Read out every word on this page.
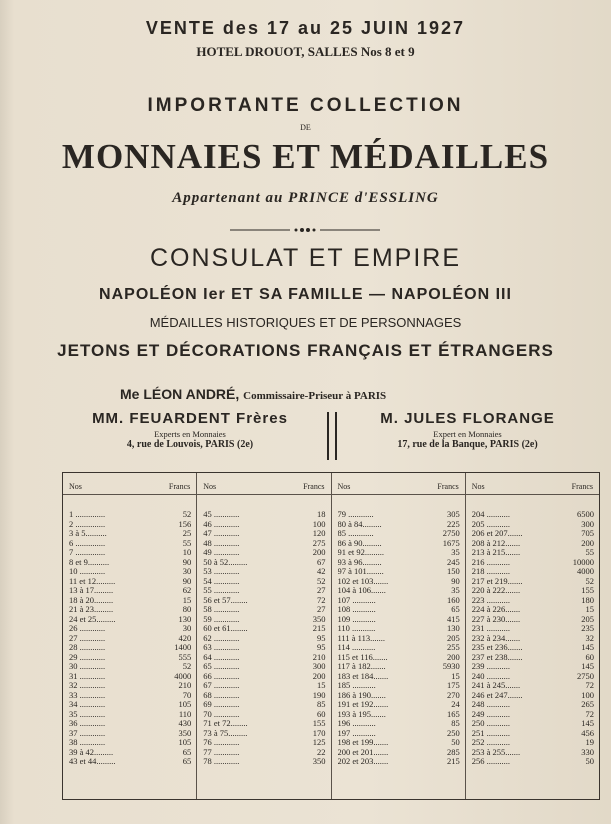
VENTE des 17 au 25 JUIN 1927
HOTEL DROUOT, SALLES Nos 8 et 9
IMPORTANTE COLLECTION
DE
MONNAIES ET MÉDAILLES
Appartenant au PRINCE d'ESSLING
CONSULAT ET EMPIRE
NAPOLÉON Ier ET SA FAMILLE — NAPOLÉON III
MÉDAILLES HISTORIQUES ET DE PERSONNAGES
JETONS ET DÉCORATIONS FRANÇAIS ET ÉTRANGERS
Me LÉON ANDRÉ, Commissaire-Priseur à PARIS
MM. FEUARDENT Frères
Experts en Monnaies
4, rue de Louvois, PARIS (2e)
M. JULES FLORANGE
Expert en Monnaies
17, rue de la Banque, PARIS (2e)
Nos	Francs
1 ..............	52
2 ..............	156
3 à 5..........	25
6 ..............	55
7 ..............	10
8 et 9..........	90
10 ............	30
11 et 12.........	90
13 à 17.........	62
18 à 20.........	15
21 à 23.........	80
24 et 25.........	130
26 ............	30
27 ............	420
28 ............	1400
29 ............	555
30 ............	52
31 ............	4000
32 ............	210
33 ............	70
34 ............	105
35 ............	110
36 ............	430
37 ............	350
38 ............	105
39 à 42.........	65
43 et 44.........	65
Nos	Francs
45 ............	18
46 ............	100
47 ............	120
48 ............	275
49 ............	200
50 à 52.........	67
53 ............	42
54 ............	52
55 ............	27
56 et 57........	72
58 ............	27
59 ............	350
60 et 61........	215
62 ............	95
63 ............	95
64 ............	210
65 ............	300
66 ............	200
67 ............	15
68 ............	190
69 ............	85
70 ............	60
71 et 72........	155
73 à 75.........	170
76 ............	125
77 ............	22
78 ............	350
Nos	Francs
79 ............	305
80 à 84.........	225
85 ............	2750
86 à 90.........	1675
91 et 92.........	35
93 à 96.........	245
97 à 101........	150
102 et 103.......	90
104 à 106.......	35
107 ...........	160
108 ...........	65
109 ...........	415
110 ...........	130
111 à 113.......	205
114 ...........	255
115 et 116.......	200
117 à 182.......	5930
183 et 184.......	15
185 ...........	175
186 à 190.......	270
191 et 192.......	24
193 à 195.......	165
196 ...........	85
197 ...........	250
198 et 199.......	50
200 et 201.......	285
202 et 203.......	215
Nos	Francs
204 ...........	6500
205 ...........	300
206 et 207.......	705
208 à 212.......	200
213 à 215.......	55
216 ...........	10000
218 ...........	4000
217 et 219.......	52
220 à 222.......	155
223 ...........	180
224 à 226.......	15
227 à 230.......	205
231 ...........	235
232 à 234.......	32
235 et 236.......	145
237 et 238.......	60
239 ...........	145
240 ...........	2750
241 à 245.......	72
246 et 247.......	100
248 ...........	265
249 ...........	72
250 ...........	145
251 ...........	456
252 ...........	19
253 à 255.......	330
256 ...........	50
